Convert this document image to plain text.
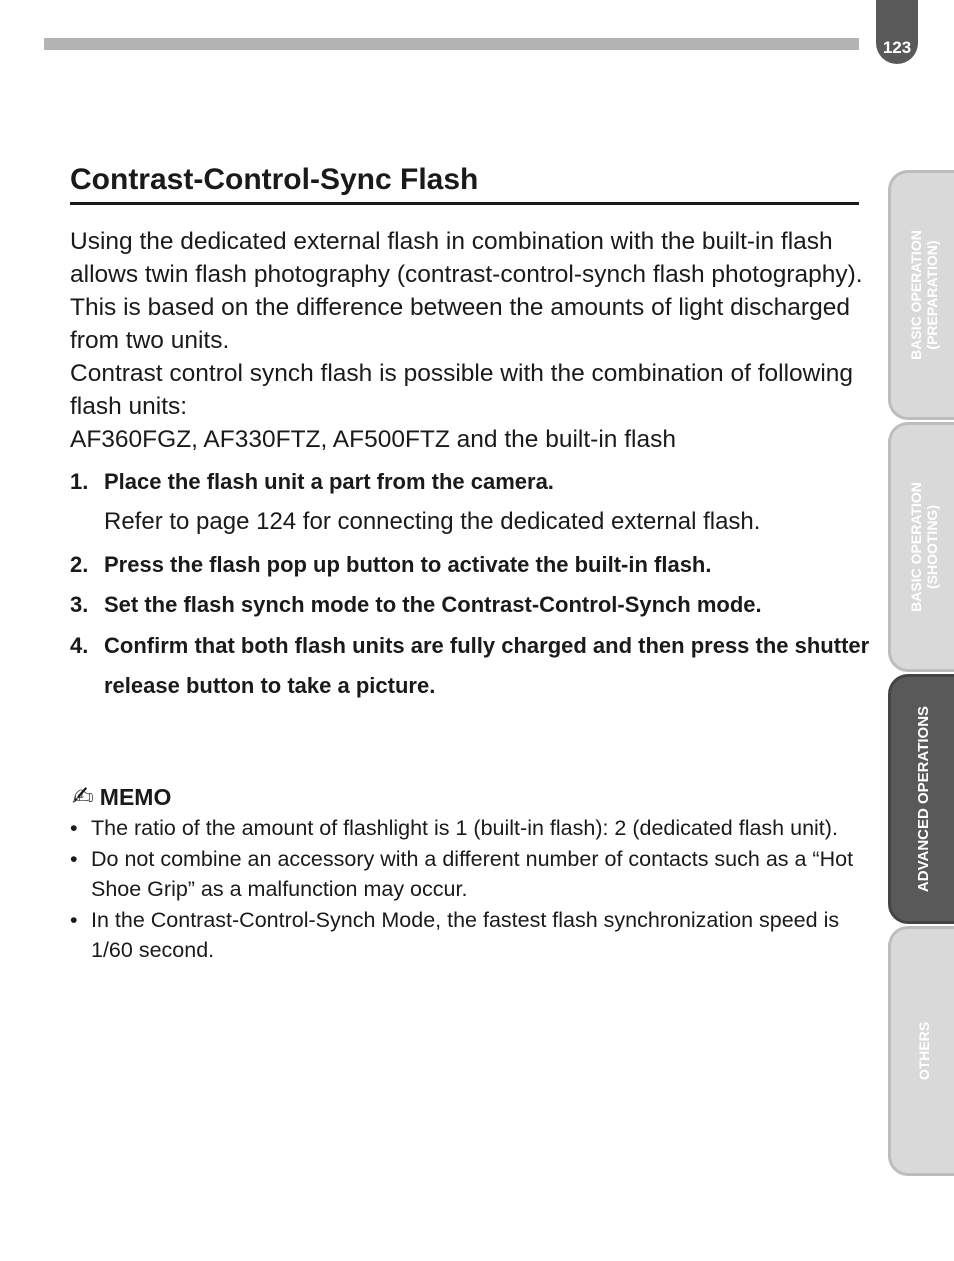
123
Contrast-Control-Sync Flash

Using the dedicated external flash in combination with the built-in flash allows twin flash photography (contrast-control-synch flash photography). This is based on the difference between the amounts of light discharged from two units.

Contrast control synch flash is possible with the combination of following flash units:

AF360FGZ, AF330FTZ, AF500FTZ and the built-in flash

1. Place the flash unit a part from the camera.
Refer to page 124 for connecting the dedicated external flash.
2. Press the flash pop up button to activate the built-in flash.
3. Set the flash synch mode to the Contrast-Control-Synch mode.
4. Confirm that both flash units are fully charged and then press the shutter release button to take a picture.
✍ MEMO
• The ratio of the amount of flashlight is 1 (built-in flash): 2 (dedicated flash unit).
• Do not combine an accessory with a different number of contacts such as a “Hot Shoe Grip” as a malfunction may occur.
• In the Contrast-Control-Synch Mode, the fastest flash synchronization speed is 1/60 second.
BASIC OPERATION (PREPARATION)
BASIC OPERATION (SHOOTING)
ADVANCED OPERATIONS
OTHERS
